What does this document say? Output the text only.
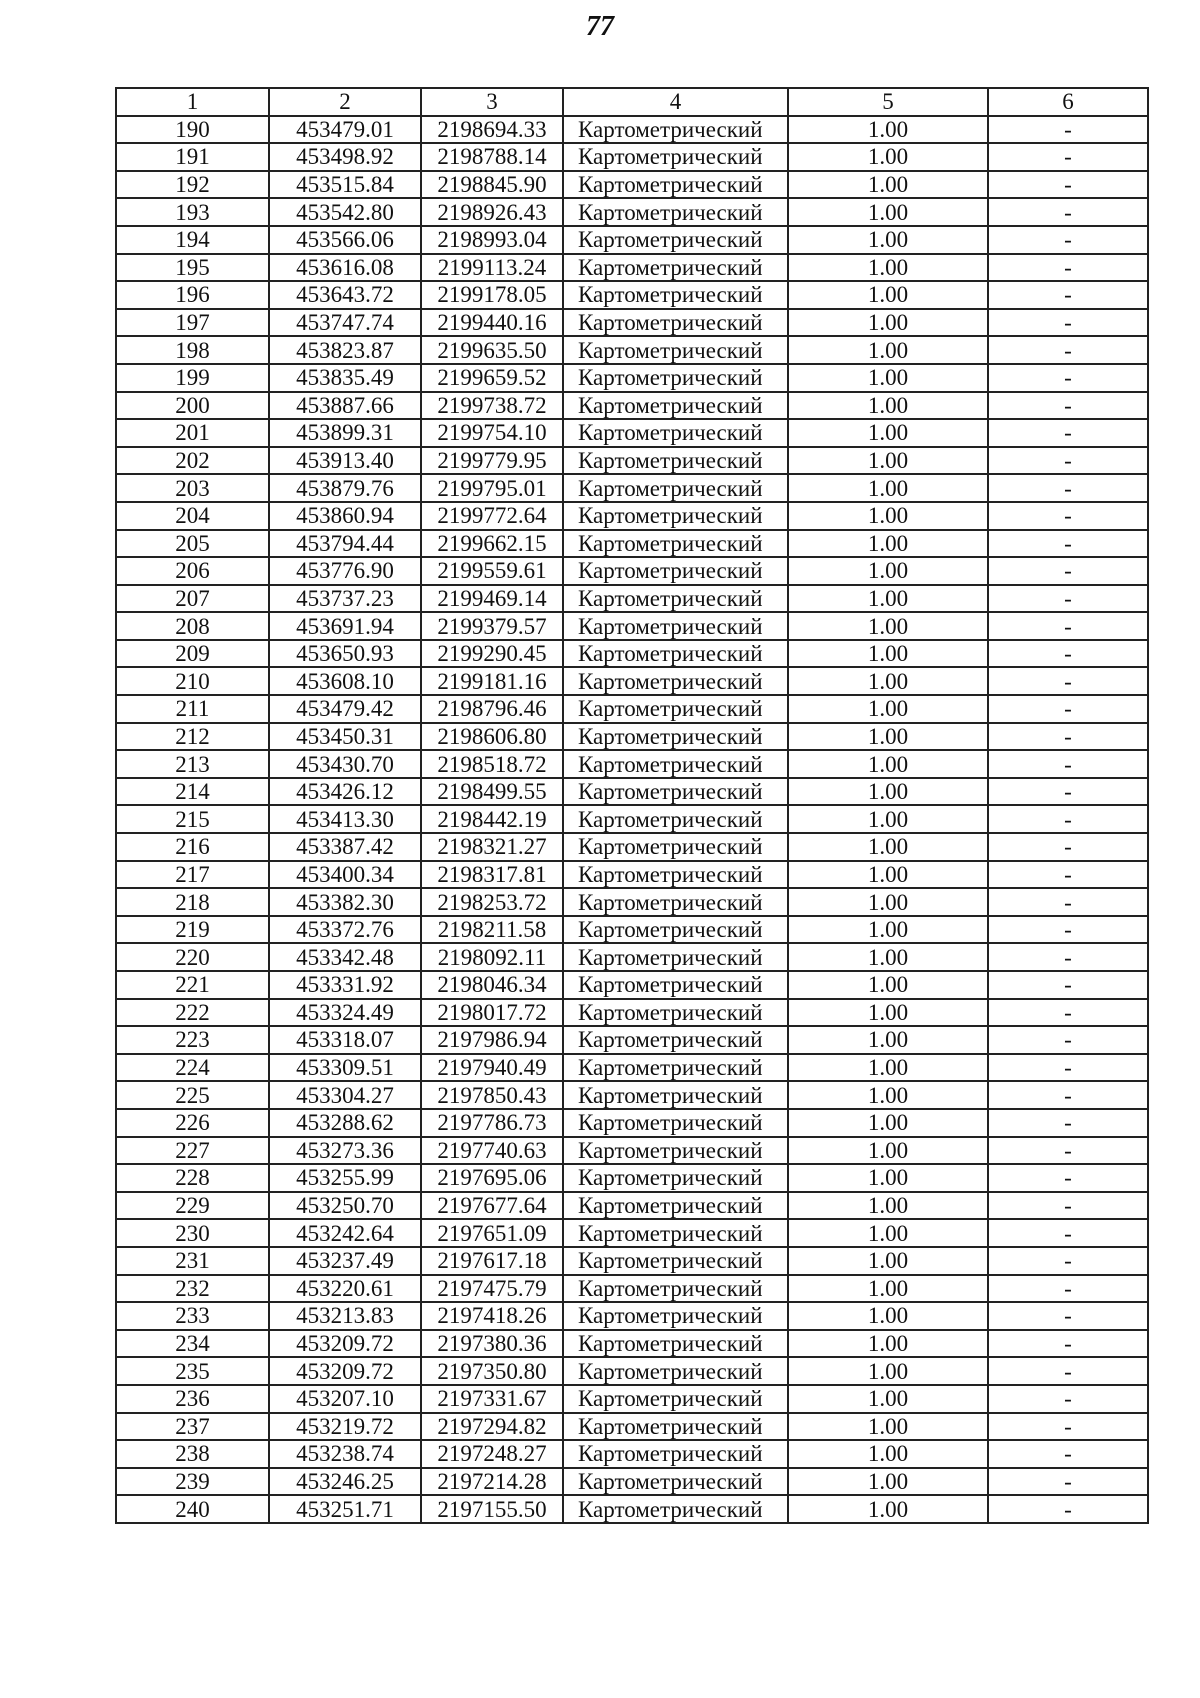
77
1	2	3	4	5	6
190	453479.01	2198694.33	Картометрический	1.00	-
191	453498.92	2198788.14	Картометрический	1.00	-
192	453515.84	2198845.90	Картометрический	1.00	-
193	453542.80	2198926.43	Картометрический	1.00	-
194	453566.06	2198993.04	Картометрический	1.00	-
195	453616.08	2199113.24	Картометрический	1.00	-
196	453643.72	2199178.05	Картометрический	1.00	-
197	453747.74	2199440.16	Картометрический	1.00	-
198	453823.87	2199635.50	Картометрический	1.00	-
199	453835.49	2199659.52	Картометрический	1.00	-
200	453887.66	2199738.72	Картометрический	1.00	-
201	453899.31	2199754.10	Картометрический	1.00	-
202	453913.40	2199779.95	Картометрический	1.00	-
203	453879.76	2199795.01	Картометрический	1.00	-
204	453860.94	2199772.64	Картометрический	1.00	-
205	453794.44	2199662.15	Картометрический	1.00	-
206	453776.90	2199559.61	Картометрический	1.00	-
207	453737.23	2199469.14	Картометрический	1.00	-
208	453691.94	2199379.57	Картометрический	1.00	-
209	453650.93	2199290.45	Картометрический	1.00	-
210	453608.10	2199181.16	Картометрический	1.00	-
211	453479.42	2198796.46	Картометрический	1.00	-
212	453450.31	2198606.80	Картометрический	1.00	-
213	453430.70	2198518.72	Картометрический	1.00	-
214	453426.12	2198499.55	Картометрический	1.00	-
215	453413.30	2198442.19	Картометрический	1.00	-
216	453387.42	2198321.27	Картометрический	1.00	-
217	453400.34	2198317.81	Картометрический	1.00	-
218	453382.30	2198253.72	Картометрический	1.00	-
219	453372.76	2198211.58	Картометрический	1.00	-
220	453342.48	2198092.11	Картометрический	1.00	-
221	453331.92	2198046.34	Картометрический	1.00	-
222	453324.49	2198017.72	Картометрический	1.00	-
223	453318.07	2197986.94	Картометрический	1.00	-
224	453309.51	2197940.49	Картометрический	1.00	-
225	453304.27	2197850.43	Картометрический	1.00	-
226	453288.62	2197786.73	Картометрический	1.00	-
227	453273.36	2197740.63	Картометрический	1.00	-
228	453255.99	2197695.06	Картометрический	1.00	-
229	453250.70	2197677.64	Картометрический	1.00	-
230	453242.64	2197651.09	Картометрический	1.00	-
231	453237.49	2197617.18	Картометрический	1.00	-
232	453220.61	2197475.79	Картометрический	1.00	-
233	453213.83	2197418.26	Картометрический	1.00	-
234	453209.72	2197380.36	Картометрический	1.00	-
235	453209.72	2197350.80	Картометрический	1.00	-
236	453207.10	2197331.67	Картометрический	1.00	-
237	453219.72	2197294.82	Картометрический	1.00	-
238	453238.74	2197248.27	Картометрический	1.00	-
239	453246.25	2197214.28	Картометрический	1.00	-
240	453251.71	2197155.50	Картометрический	1.00	-
